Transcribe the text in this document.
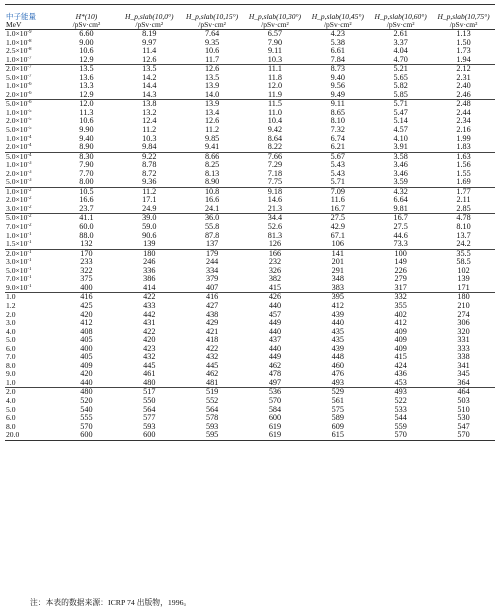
中子能量	H*(10)	H_p,slab(10,0°)	H_p,slab(10,15°)	H_p,slab(10,30°)	H_p,slab(10,45°)	H_p,slab(10,60°)	H_p,slab(10,75°)
MeV	/pSv·cm²	/pSv·cm²	/pSv·cm²	/pSv·cm²	/pSv·cm²	/pSv·cm²	/pSv·cm²
$1.0\times 10^{-9}$	6.60	8.19	7.64	6.57	4.23	2.61	1.13
$1.0\times 10^{-8}$	9.00	9.97	9.35	7.90	5.38	3.37	1.50
$2.5\times 10^{-8}$	10.6	11.4	10.6	9.11	6.61	4.04	1.73
$1.0\times 10^{-7}$	12.9	12.6	11.7	10.3	7.84	4.70	1.94
$2.0\times 10^{-7}$	13.5	13.5	12.6	11.1	8.73	5.21	2.12
$5.0\times 10^{-7}$	13.6	14.2	13.5	11.8	9.40	5.65	2.31
$1.0\times 10^{-6}$	13.3	14.4	13.9	12.0	9.56	5.82	2.40
$2.0\times 10^{-6}$	12.9	14.3	14.0	11.9	9.49	5.85	2.46
$5.0\times 10^{-6}$	12.0	13.8	13.9	11.5	9.11	5.71	2.48
$1.0\times 10^{-5}$	11.3	13.2	13.4	11.0	8.65	5.47	2.44
$2.0\times 10^{-5}$	10.6	12.4	12.6	10.4	8.10	5.14	2.34
$5.0\times 10^{-5}$	9.90	11.2	11.2	9.42	7.32	4.57	2.16
$1.0\times 10^{-4}$	9.40	10.3	9.85	8.64	6.74	4.10	1.99
$2.0\times 10^{-4}$	8.90	9.84	9.41	8.22	6.21	3.91	1.83
$5.0\times 10^{-4}$	8.30	9.22	8.66	7.66	5.67	3.58	1.63
$1.0\times 10^{-3}$	7.90	8.78	8.25	7.29	5.43	3.46	1.56
$2.0\times 10^{-3}$	7.70	8.72	8.13	7.18	5.43	3.46	1.55
$5.0\times 10^{-3}$	8.00	9.36	8.90	7.75	5.71	3.59	1.69
$1.0\times 10^{-2}$	10.5	11.2	10.8	9.18	7.09	4.32	1.77
$2.0\times 10^{-2}$	16.6	17.1	16.6	14.6	11.6	6.64	2.11
$3.0\times 10^{-2}$	23.7	24.9	24.1	21.3	16.7	9.81	2.85
$5.0\times 10^{-2}$	41.1	39.0	36.0	34.4	27.5	16.7	4.78
$7.0\times 10^{-2}$	60.0	59.0	55.8	52.6	42.9	27.5	8.10
$1.0\times 10^{-1}$	88.0	90.6	87.8	81.3	67.1	44.6	13.7
$1.5\times 10^{-1}$	132	139	137	126	106	73.3	24.2
$2.0\times 10^{-1}$	170	180	179	166	141	100	35.5
$3.0\times 10^{-1}$	233	246	244	232	201	149	58.5
$5.0\times 10^{-1}$	322	336	334	326	291	226	102
$7.0\times 10^{-1}$	375	386	379	382	348	279	139
$9.0\times 10^{-1}$	400	414	407	415	383	317	171
1.0	416	422	416	426	395	332	180
1.2	425	433	427	440	412	355	210
2.0	420	442	438	457	439	402	274
3.0	412	431	429	449	440	412	306
4.0	408	422	421	440	435	409	320
5.0	405	420	418	437	435	409	331
6.0	400	423	422	440	439	409	333
7.0	405	432	432	449	448	415	338
8.0	409	445	445	462	460	424	341
9.0	420	461	462	478	476	436	345
1.0	440	480	481	497	493	453	364
2.0	480	517	519	536	529	493	464
4.0	520	550	552	570	561	522	503
5.0	540	564	564	584	575	533	510
6.0	555	577	578	600	589	544	530
8.0	570	593	593	619	609	559	547
20.0	600	600	595	619	615	570	570
注：本表的数据来源：ICRP 74 出版物，1996。
